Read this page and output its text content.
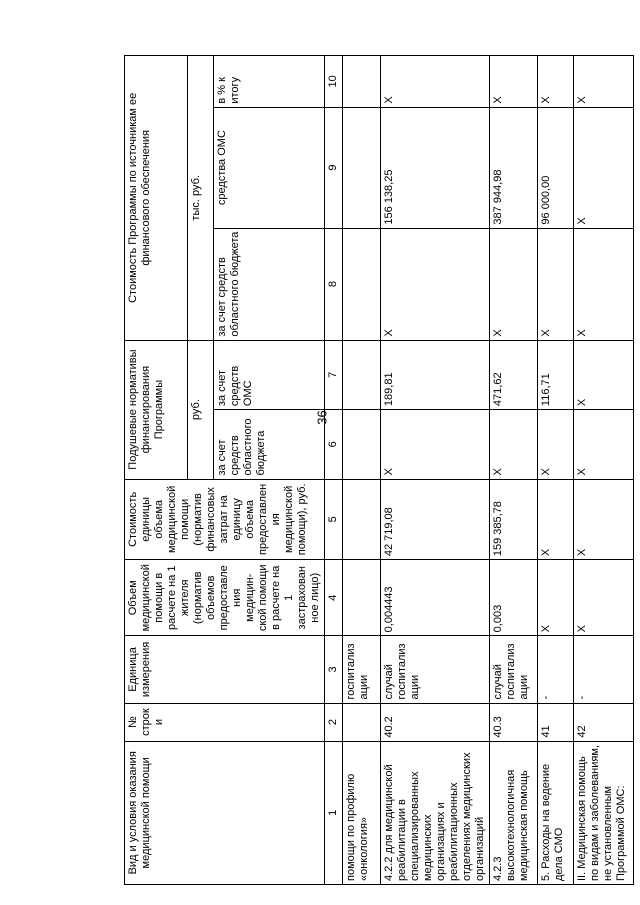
36
Вид и условия оказания медицинской помощи	№ строки	Единица измерения	Объем медицинской помощи в расчете на 1 жителя (норматив объемов предоставления медицин-ской помощи в расчете на 1 застрахованное лицо)	Стоимость единицы объема медицинской помощи (норматив финансовых затрат на единицу объема предоставления медицинской помощи), руб.	Подушевые нормативы финансирования Программы		Стоимость Программы по источникам ее финансового обеспечения		
					руб.		тыс. руб.		
					за счет средств областного бюджета	за счет средств ОМС	за счет средств областного бюджета	средства ОМС	в % к итогу
1	2	3	4	5	6	7	8	9	10
помощи по профилю «онкология»		госпитализ ации							
4.2.2 для медицинской реабилитации в специализированных медицинских организациях и реабилитационных отделениях медицинских организаций	40.2	случай госпитализ ации	0,004443	42 719,08	X	189,81	X	156 138,25	X
4.2.3 высокотехнологичная медицинская помощь	40.3	случай госпитализ ации	0,003	159 385,78	X	471,62	X	387 944,98	X
5. Расходы на ведение дела СМО	41	-	X	X	X	116,71	X	96 000,00	X
II. Медицинская помощь по видам и заболеваниям, не установленным Программой ОМС:	42	-	X	X	X	X	X	X	X
